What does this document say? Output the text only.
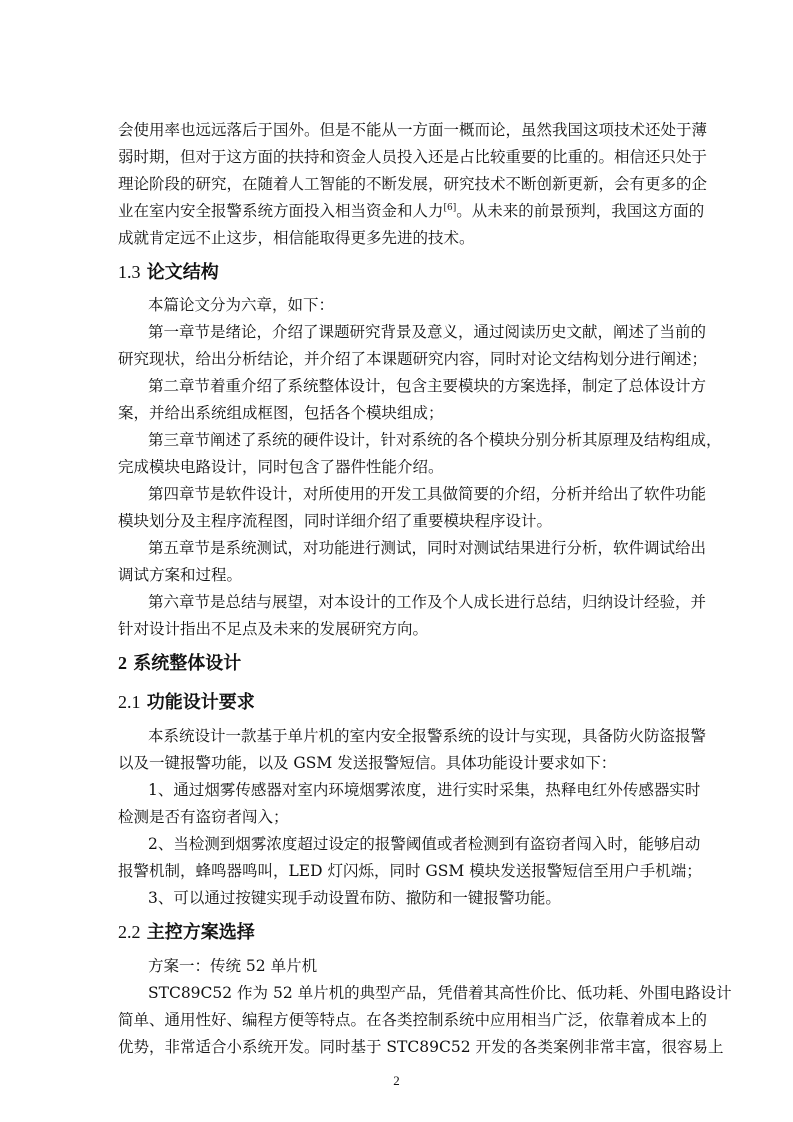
会使用率也远远落后于国外。但是不能从一方面一概而论，虽然我国这项技术还处于薄
弱时期，但对于这方面的扶持和资金人员投入还是占比较重要的比重的。相信还只处于
理论阶段的研究，在随着人工智能的不断发展，研究技术不断创新更新，会有更多的企
业在室内安全报警系统方面投入相当资金和人力[6]。从未来的前景预判，我国这方面的
成就肯定远不止这步，相信能取得更多先进的技术。
1.3 论文结构
本篇论文分为六章，如下：
第一章节是绪论，介绍了课题研究背景及意义，通过阅读历史文献，阐述了当前的
研究现状，给出分析结论，并介绍了本课题研究内容，同时对论文结构划分进行阐述；
第二章节着重介绍了系统整体设计，包含主要模块的方案选择，制定了总体设计方
案，并给出系统组成框图，包括各个模块组成；
第三章节阐述了系统的硬件设计，针对系统的各个模块分别分析其原理及结构组成，
完成模块电路设计，同时包含了器件性能介绍。
第四章节是软件设计，对所使用的开发工具做简要的介绍，分析并给出了软件功能
模块划分及主程序流程图，同时详细介绍了重要模块程序设计。
第五章节是系统测试，对功能进行测试，同时对测试结果进行分析，软件调试给出
调试方案和过程。
第六章节是总结与展望，对本设计的工作及个人成长进行总结，归纳设计经验，并
针对设计指出不足点及未来的发展研究方向。
2 系统整体设计
2.1 功能设计要求
本系统设计一款基于单片机的室内安全报警系统的设计与实现，具备防火防盗报警
以及一键报警功能，以及 GSM 发送报警短信。具体功能设计要求如下：
1、通过烟雾传感器对室内环境烟雾浓度，进行实时采集，热释电红外传感器实时
检测是否有盗窃者闯入；
2、当检测到烟雾浓度超过设定的报警阈值或者检测到有盗窃者闯入时，能够启动
报警机制，蜂鸣器鸣叫，LED 灯闪烁，同时 GSM 模块发送报警短信至用户手机端；
3、可以通过按键实现手动设置布防、撤防和一键报警功能。
2.2 主控方案选择
方案一：传统 52 单片机
STC89C52 作为 52 单片机的典型产品，凭借着其高性价比、低功耗、外围电路设计
简单、通用性好、编程方便等特点。在各类控制系统中应用相当广泛，依靠着成本上的
优势，非常适合小系统开发。同时基于 STC89C52 开发的各类案例非常丰富，很容易上
2
